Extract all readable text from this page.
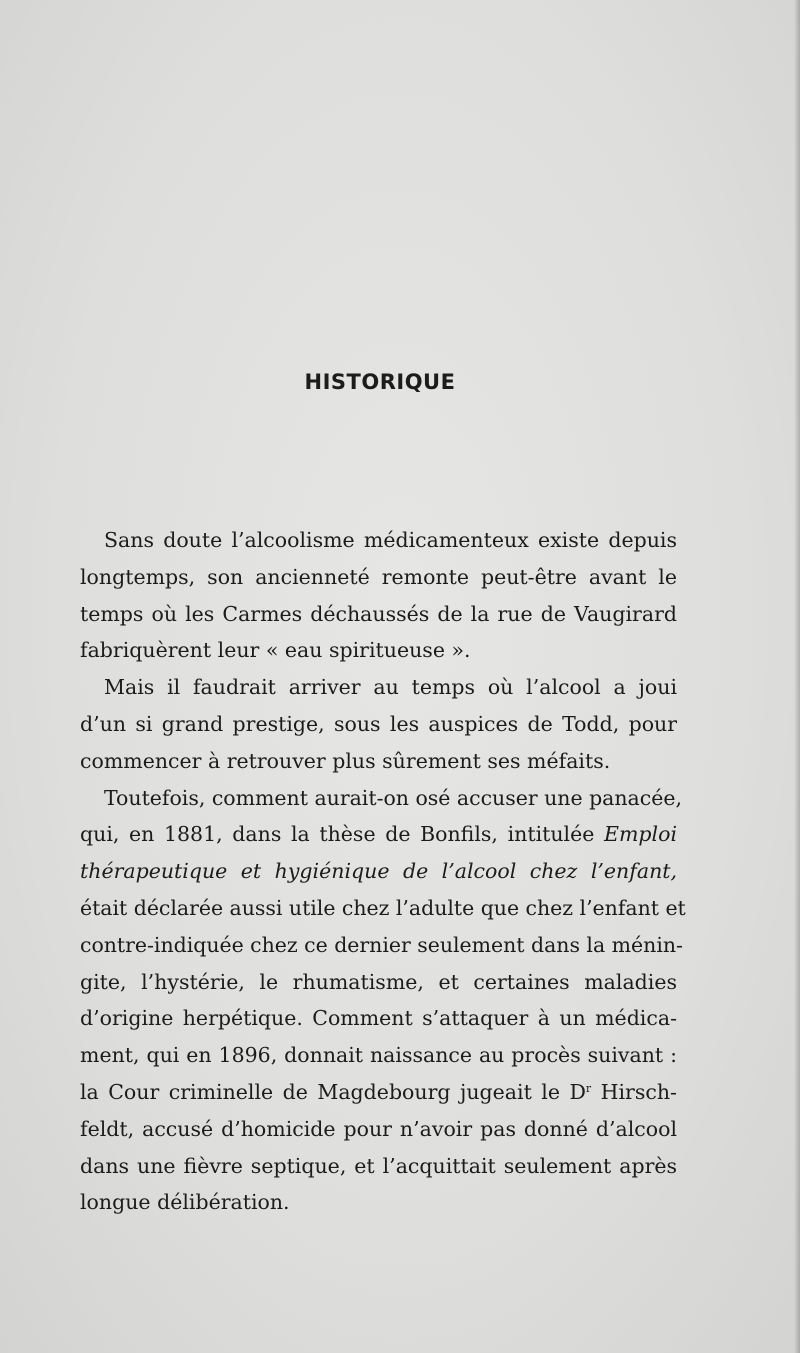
HISTORIQUE
Sans doute l’alcoolisme médicamenteux existe depuis
longtemps, son ancienneté remonte peut-être avant le
temps où les Carmes déchaussés de la rue de Vaugirard
fabriquèrent leur « eau spiritueuse ».
Mais il faudrait arriver au temps où l’alcool a joui
d’un si grand prestige, sous les auspices de Todd, pour
commencer à retrouver plus sûrement ses méfaits.
Toutefois, comment aurait-on osé accuser une panacée,
qui, en 1881, dans la thèse de Bonfils, intitulée Emploi
thérapeutique et hygiénique de l’alcool chez l’enfant,
était déclarée aussi utile chez l’adulte que chez l’enfant et
contre-indiquée chez ce dernier seulement dans la ménin-
gite, l’hystérie, le rhumatisme, et certaines maladies
d’origine herpétique. Comment s’attaquer à un médica-
ment, qui en 1896, donnait naissance au procès suivant :
la Cour criminelle de Magdebourg jugeait le $D^r$ Hirsch-
feldt, accusé d’homicide pour n’avoir pas donné d’alcool
dans une fièvre septique, et l’acquittait seulement après
longue délibération.
